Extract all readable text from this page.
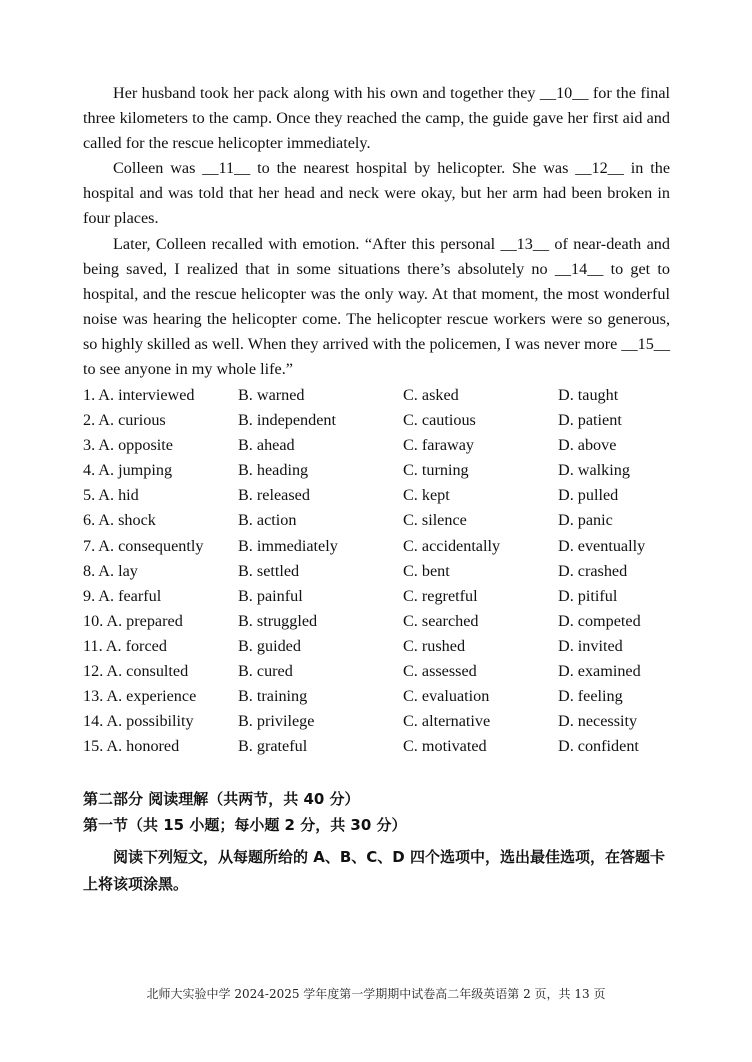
Her husband took her pack along with his own and together they __10__ for the final three kilometers to the camp. Once they reached the camp, the guide gave her first aid and called for the rescue helicopter immediately.

Colleen was __11__ to the nearest hospital by helicopter. She was __12__ in the hospital and was told that her head and neck were okay, but her arm had been broken in four places.

Later, Colleen recalled with emotion. “After this personal __13__ of near-death and being saved, I realized that in some situations there’s absolutely no __14__ to get to hospital, and the rescue helicopter was the only way. At that moment, the most wonderful noise was hearing the helicopter come. The helicopter rescue workers were so generous, so highly skilled as well. When they arrived with the policemen, I was never more __15__ to see anyone in my whole life.”

1. A. interviewed	B. warned	C. asked	D. taught
2. A. curious	B. independent	C. cautious	D. patient
3. A. opposite	B. ahead	C. faraway	D. above
4. A. jumping	B. heading	C. turning	D. walking
5. A. hid	B. released	C. kept	D. pulled
6. A. shock	B. action	C. silence	D. panic
7. A. consequently B. immediately	C. accidentally	D. eventually
8. A. lay	B. settled	C. bent	D. crashed
9. A. fearful	B. painful	C. regretful	D. pitiful
10. A. prepared	B. struggled	C. searched	D. competed
11. A. forced	B. guided	C. rushed	D. invited
12. A. consulted	B. cured	C. assessed	D. examined
13. A. experience	B. training	C. evaluation	D. feeling
14. A. possibility	B. privilege	C. alternative	D. necessity
15. A. honored	B. grateful	C. motivated	D. confident
第二部分 阅读理解（共两节，共 40 分）
第一节（共 15 小题；每小题 2 分，共 30 分）
阅读下列短文，从每题所给的 A、B、C、D 四个选项中，选出最佳选项，在答题卡上将该项涂黑。
北师大实验中学 2024-2025 学年度第一学期期中试卷高二年级英语第 2 页，共 13 页
